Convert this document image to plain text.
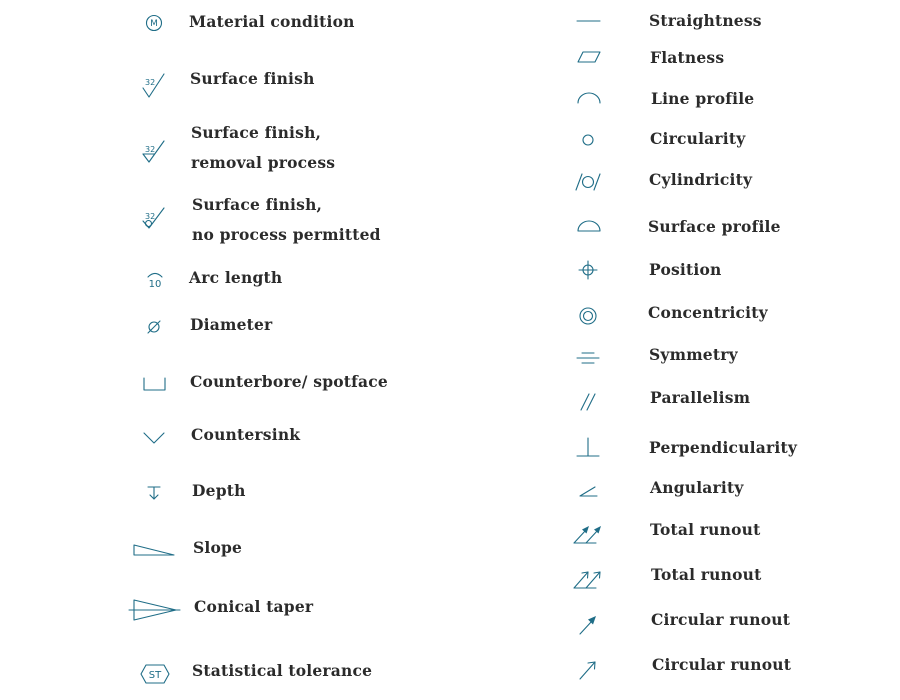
M Material condition
32 Surface finish
32
Surface finish,
removal process
32
Surface finish,
no process permitted
10 Arc length
Diameter
Counterbore/ spotface
Countersink
Depth
Slope
Conical taper
ST Statistical tolerance
Straightness
Flatness
Line profile
Circularity
Cylindricity
Surface profile
Position
Concentricity
Symmetry
Parallelism
Perpendicularity
Angularity
Total runout
Total runout
Circular runout
Circular runout
